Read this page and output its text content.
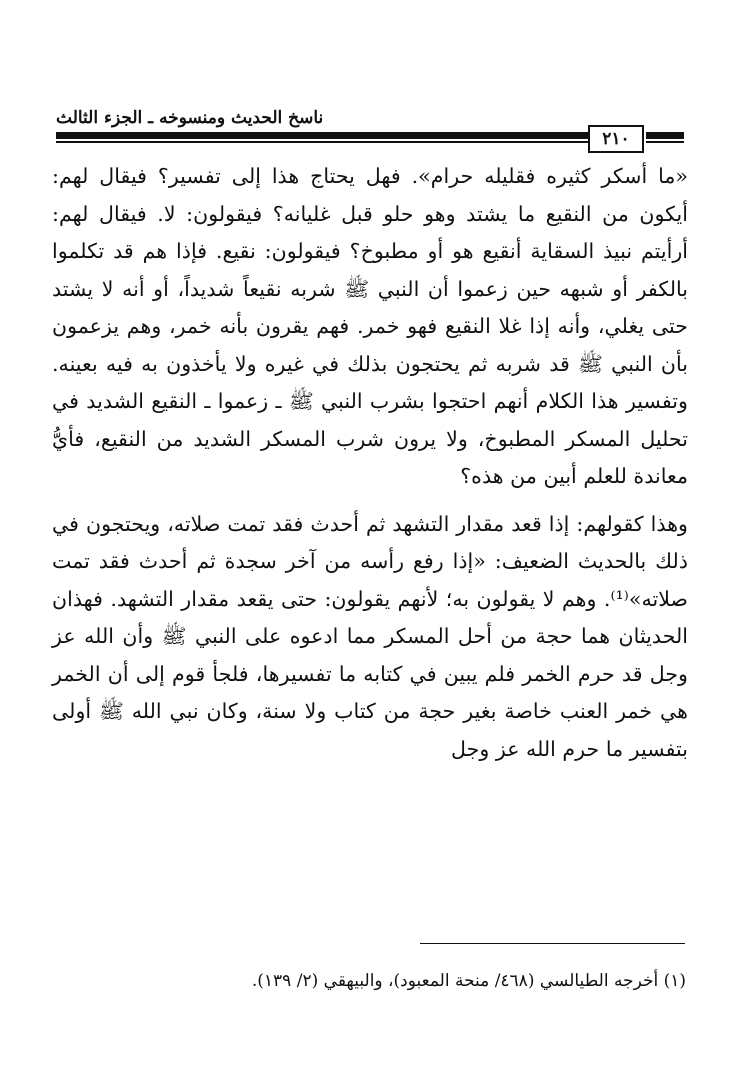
ناسخ الحديث ومنسوخه ـ الجزء الثالث
٢١٠

«ما أسكر كثيره فقليله حرام». فهل يحتاج هذا إلى تفسير؟ فيقال لهم: أيكون من النقيع ما يشتد وهو حلو قبل غليانه؟ فيقولون: لا. فيقال لهم: أرأيتم نبيذ السقاية أنقيع هو أو مطبوخ؟ فيقولون: نقيع. فإذا هم قد تكلموا بالكفر أو شبهه حين زعموا أن النبي ﷺ شربه نقيعاً شديداً، أو أنه لا يشتد حتى يغلي، وأنه إذا غلا النقيع فهو خمر. فهم يقرون بأنه خمر، وهم يزعمون بأن النبي ﷺ قد شربه ثم يحتجون بذلك في غيره ولا يأخذون به فيه بعينه. وتفسير هذا الكلام أنهم احتجوا بشرب النبي ﷺ ـ زعموا ـ النقيع الشديد في تحليل المسكر المطبوخ، ولا يرون شرب المسكر الشديد من النقيع، فأيُّ معاندة للعلم أبين من هذه؟

وهذا كقولهم: إذا قعد مقدار التشهد ثم أحدث فقد تمت صلاته، ويحتجون في ذلك بالحديث الضعيف: «إذا رفع رأسه من آخر سجدة ثم أحدث فقد تمت صلاته»⁽¹⁾. وهم لا يقولون به؛ لأنهم يقولون: حتى يقعد مقدار التشهد. فهذان الحديثان هما حجة من أحل المسكر مما ادعوه على النبي ﷺ وأن الله عز وجل قد حرم الخمر فلم يبين في كتابه ما تفسيرها، فلجأ قوم إلى أن الخمر هي خمر العنب خاصة بغير حجة من كتاب ولا سنة، وكان نبي الله ﷺ أولى بتفسير ما حرم الله عز وجل

(١) أخرجه الطيالسي (٤٦٨/ منحة المعبود)، والبيهقي (٢/ ١٣٩).
